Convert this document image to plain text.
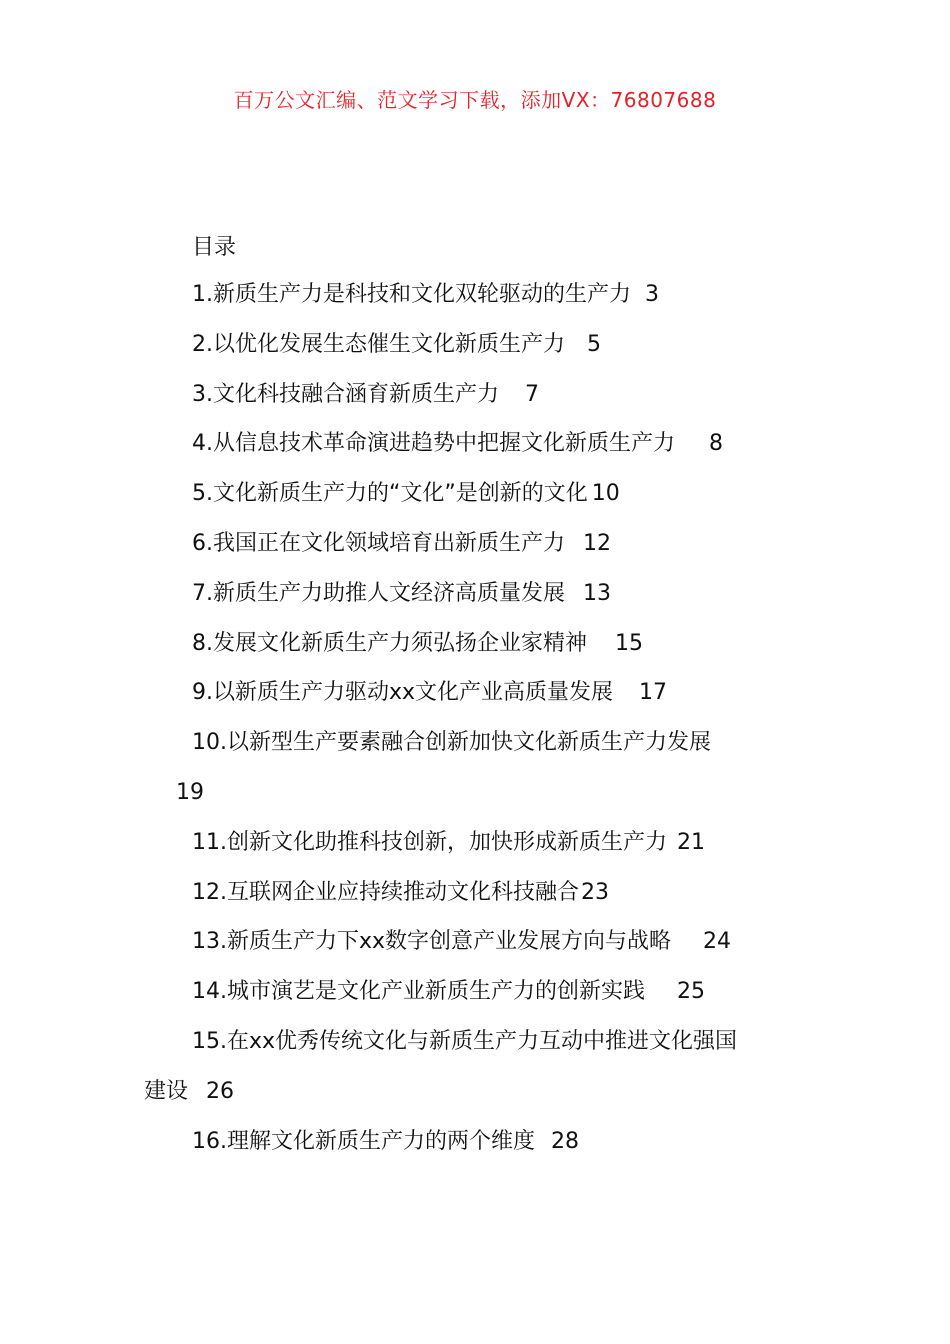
百万公文汇编、范文学习下载，添加VX：76807688
目录
1.新质生产力是科技和文化双轮驱动的生产力 3
2.以优化发展生态催生文化新质生产力 5
3.文化科技融合涵育新质生产力 7
4.从信息技术革命演进趋势中把握文化新质生产力 8
5.文化新质生产力的“文化”是创新的文化 10
6.我国正在文化领域培育出新质生产力 12
7.新质生产力助推人文经济高质量发展 13
8.发展文化新质生产力须弘扬企业家精神 15
9.以新质生产力驱动xx文化产业高质量发展 17
10.以新型生产要素融合创新加快文化新质生产力发展
19
11.创新文化助推科技创新，加快形成新质生产力 21
12.互联网企业应持续推动文化科技融合23
13.新质生产力下xx数字创意产业发展方向与战略 24
14.城市演艺是文化产业新质生产力的创新实践 25
15.在xx优秀传统文化与新质生产力互动中推进文化强国
建设 26
16.理解文化新质生产力的两个维度 28
